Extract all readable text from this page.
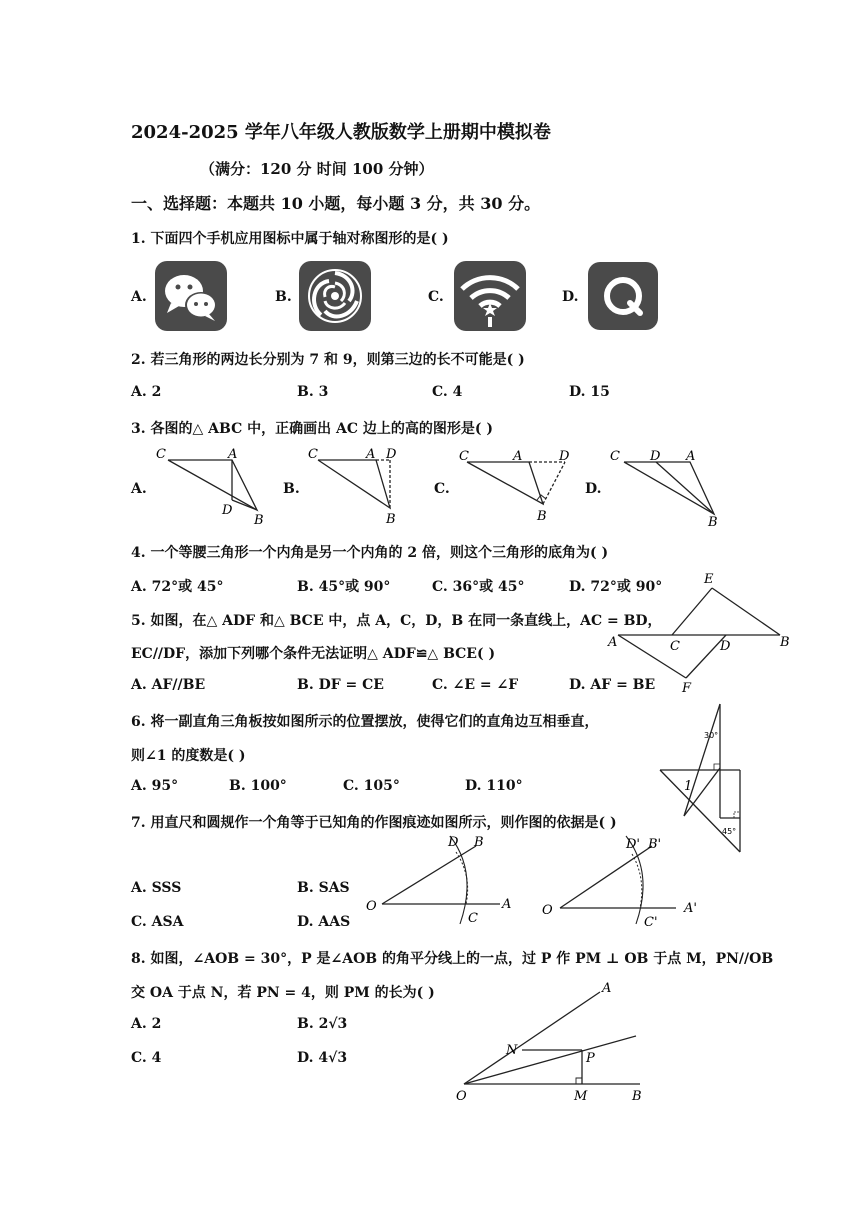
2024-2025 学年八年级人教版数学上册期中模拟卷
（满分：120 分 时间 100 分钟）
一、选择题：本题共 10 小题，每小题 3 分，共 30 分。
1. 下面四个手机应用图标中属于轴对称图形的是( )
A.	B.	C.	D.
2. 若三角形的两边长分别为 7 和 9，则第三边的长不可能是( )
A. 2	B. 3	C. 4	D. 15
3. 各图的△ ABC 中，正确画出 AC 边上的高的图形是( )
A.	B.	C.	D.
C	A
D
B
C	A D
B
C	A	D
B
C D A
B
4. 一个等腰三角形一个内角是另一个内角的 2 倍，则这个三角形的底角为( )
A. 72°或 45°	B. 45°或 90°	C. 36°或 45°	D. 72°或 90°
5. 如图，在△ ADF 和△ BCE 中，点 A，C，D，B 在同一条直线上，AC = BD，
EC//DF，添加下列哪个条件无法证明△ ADF≌△ BCE( )
A. AF//BE	B. DF = CE	C. ∠E = ∠F	D. AF = BE
E
A	C	D	B
F
6. 将一副直角三角板按如图所示的位置摆放，使得它们的直角边互相垂直，
则∠1 的度数是( )
A. 95°	B. 100°	C. 105°	D. 110°
30°
45°
1
7. 用直尺和圆规作一个角等于已知角的作图痕迹如图所示，则作图的依据是( )
A. SSS	B. SAS
C. ASA	D. AAS
O
D B
C
A O
D' B'
C'
A'
8. 如图，∠AOB = 30°，P 是∠AOB 的角平分线上的一点，过 P 作 PM ⊥ OB 于点 M，PN//OB
交 OA 于点 N，若 PN = 4，则 PM 的长为( )
A. 2	B. 2√3
C. 4	D. 4√3
A
N
P
O	M	B
